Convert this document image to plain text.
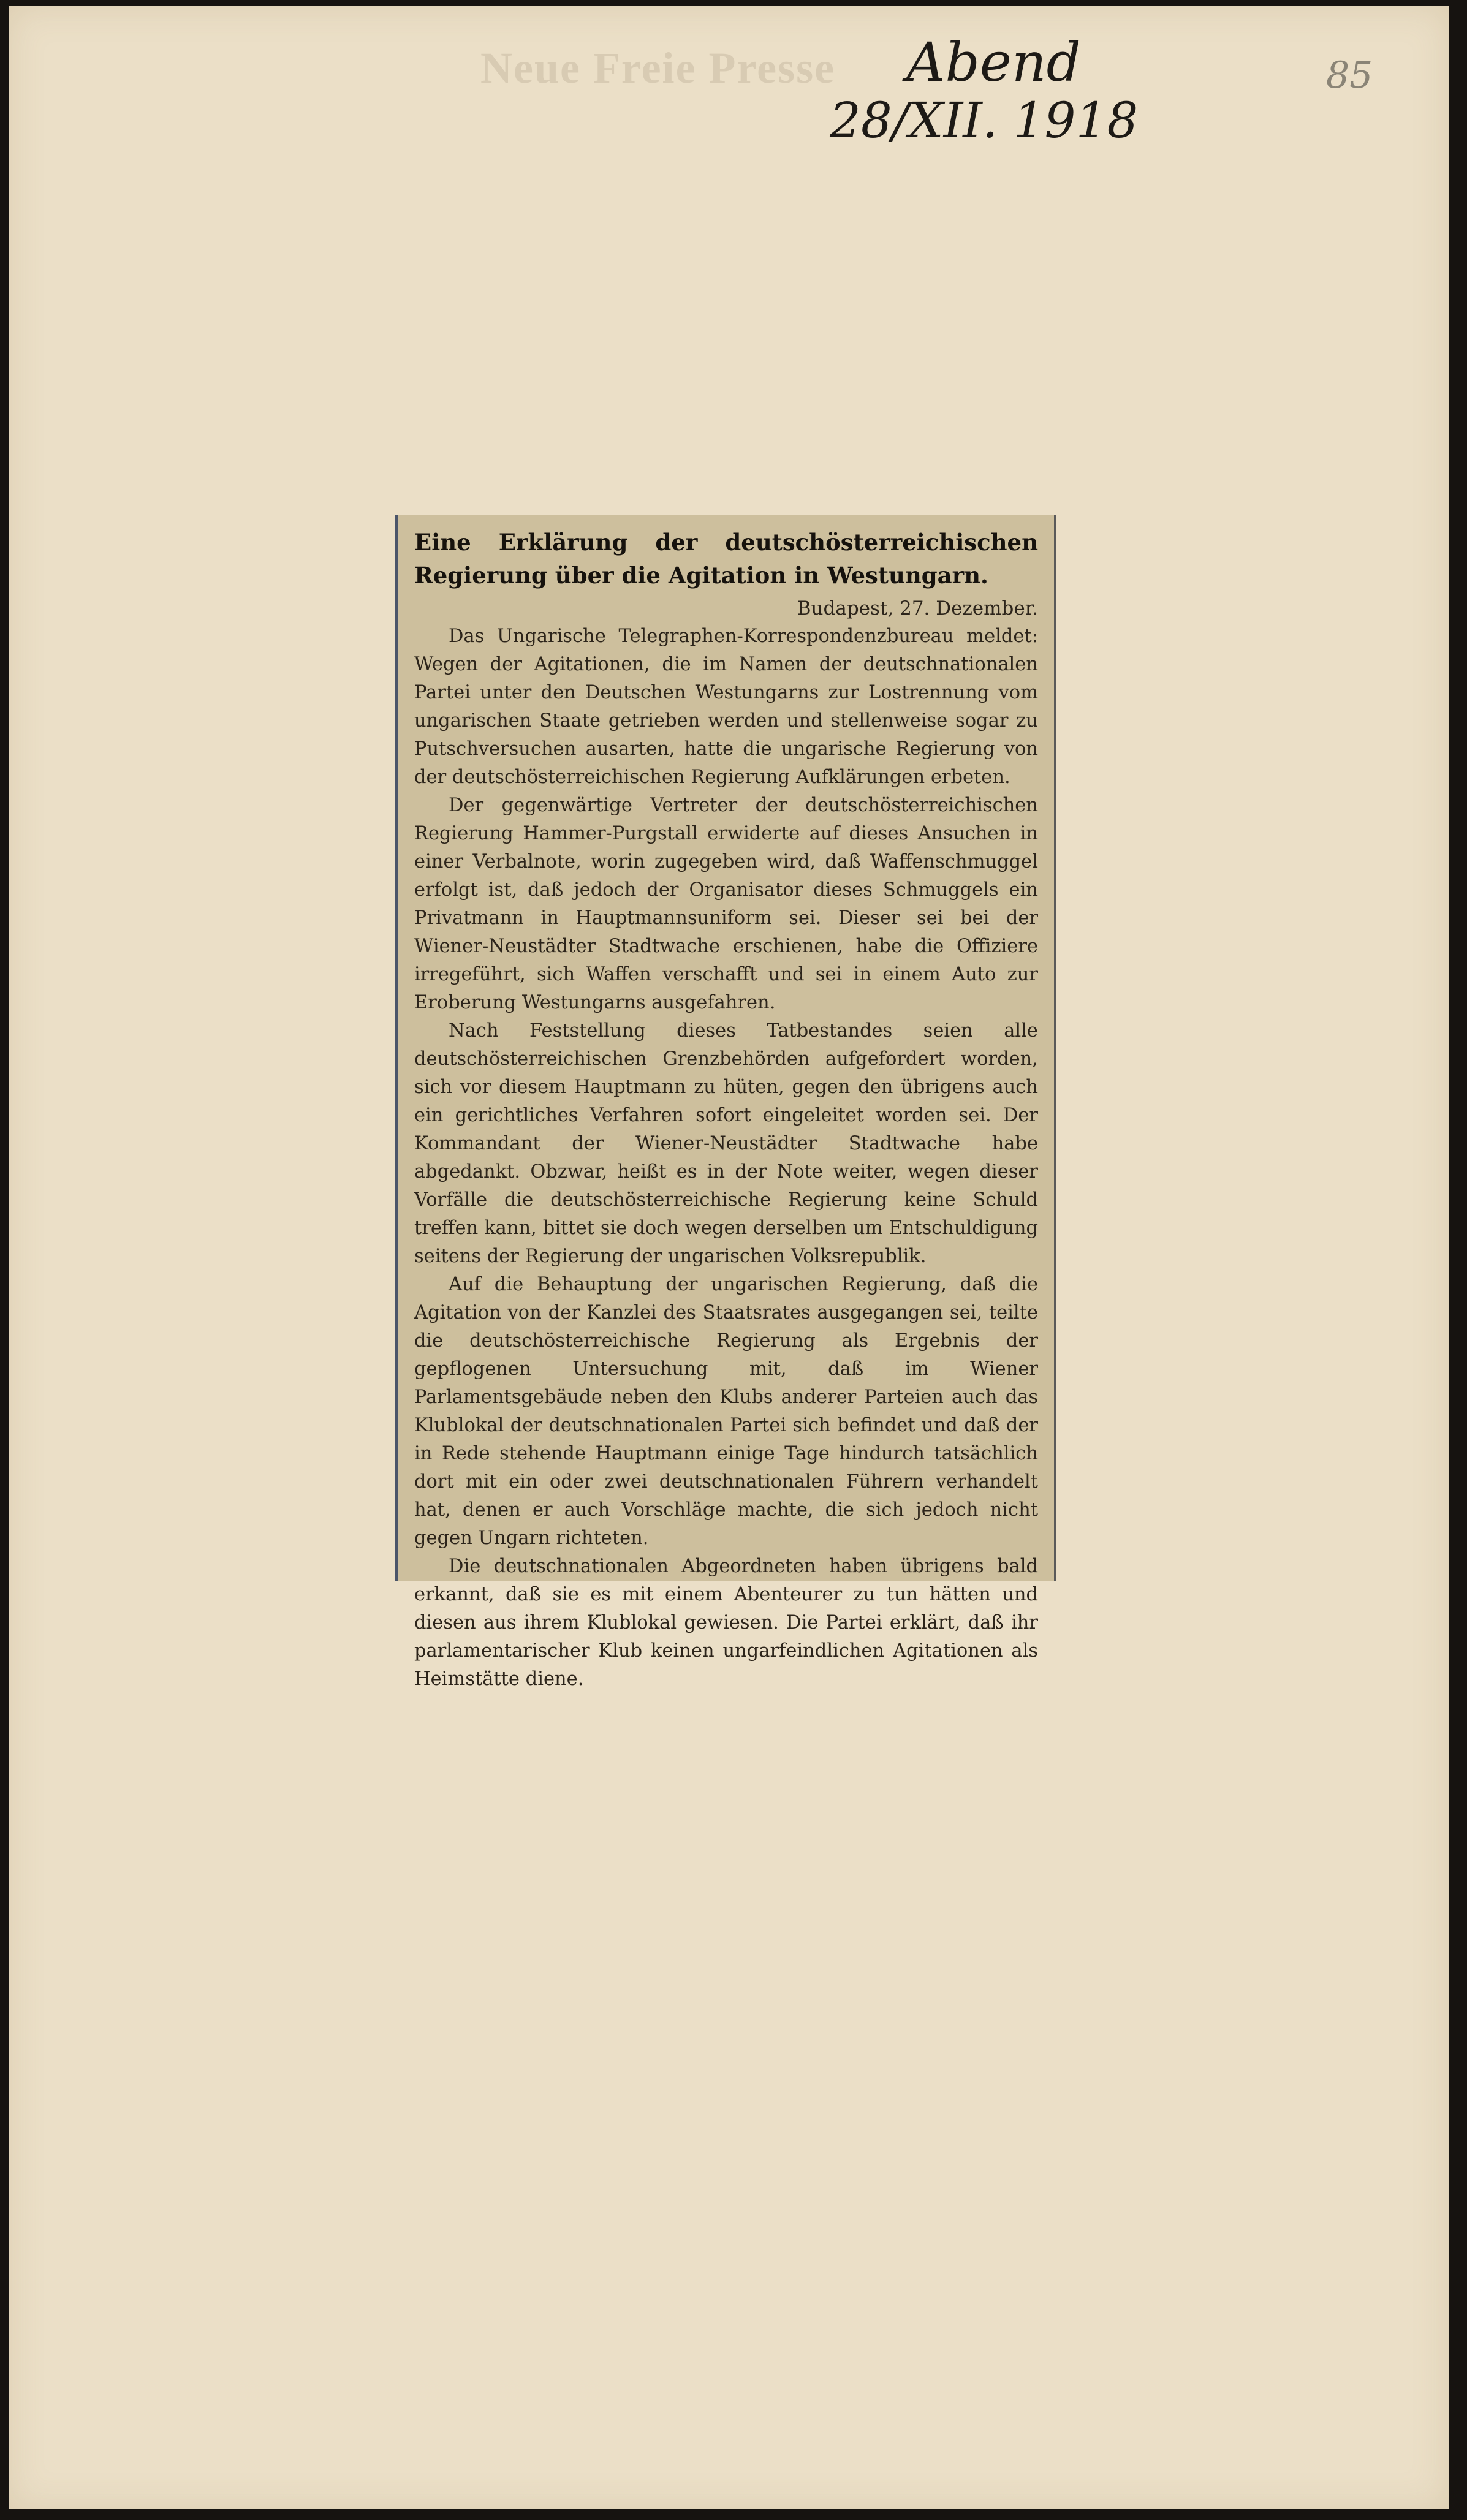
Neue Freie Presse Abend
28/XII. 1918
85

Eine Erklärung der deutschösterreichischen Regierung über die Agitation in Westungarn.

Budapest, 27. Dezember.

Das Ungarische Telegraphen-Korrespondenzbureau meldet: Wegen der Agitationen, die im Namen der deutschnationalen Partei unter den Deutschen Westungarns zur Lostrennung vom ungarischen Staate getrieben werden und stellenweise sogar zu Putschversuchen ausarten, hatte die ungarische Regierung von der deutschösterreichischen Regierung Aufklärungen erbeten.

Der gegenwärtige Vertreter der deutschösterreichischen Regierung Hammer-Purgstall erwiderte auf dieses Ansuchen in einer Verbalnote, worin zugegeben wird, daß Waffenschmuggel erfolgt ist, daß jedoch der Organisator dieses Schmuggels ein Privatmann in Hauptmannsuniform sei. Dieser sei bei der Wiener-Neustädter Stadtwache erschienen, habe die Offiziere irregeführt, sich Waffen verschafft und sei in einem Auto zur Eroberung Westungarns ausgefahren.

Nach Feststellung dieses Tatbestandes seien alle deutschösterreichischen Grenzbehörden aufgefordert worden, sich vor diesem Hauptmann zu hüten, gegen den übrigens auch ein gerichtliches Verfahren sofort eingeleitet worden sei. Der Kommandant der Wiener-Neustädter Stadtwache habe abgedankt. Obzwar, heißt es in der Note weiter, wegen dieser Vorfälle die deutschösterreichische Regierung keine Schuld treffen kann, bittet sie doch wegen derselben um Entschuldigung seitens der Regierung der ungarischen Volksrepublik.

Auf die Behauptung der ungarischen Regierung, daß die Agitation von der Kanzlei des Staatsrates ausgegangen sei, teilte die deutschösterreichische Regierung als Ergebnis der gepflogenen Untersuchung mit, daß im Wiener Parlamentsgebäude neben den Klubs anderer Parteien auch das Klublokal der deutschnationalen Partei sich befindet und daß der in Rede stehende Hauptmann einige Tage hindurch tatsächlich dort mit ein oder zwei deutschnationalen Führern verhandelt hat, denen er auch Vorschläge machte, die sich jedoch nicht gegen Ungarn richteten.

Die deutschnationalen Abgeordneten haben übrigens bald erkannt, daß sie es mit einem Abenteurer zu tun hätten und diesen aus ihrem Klublokal gewiesen. Die Partei erklärt, daß ihr parlamentarischer Klub keinen ungarfeindlichen Agitationen als Heimstätte diene.
